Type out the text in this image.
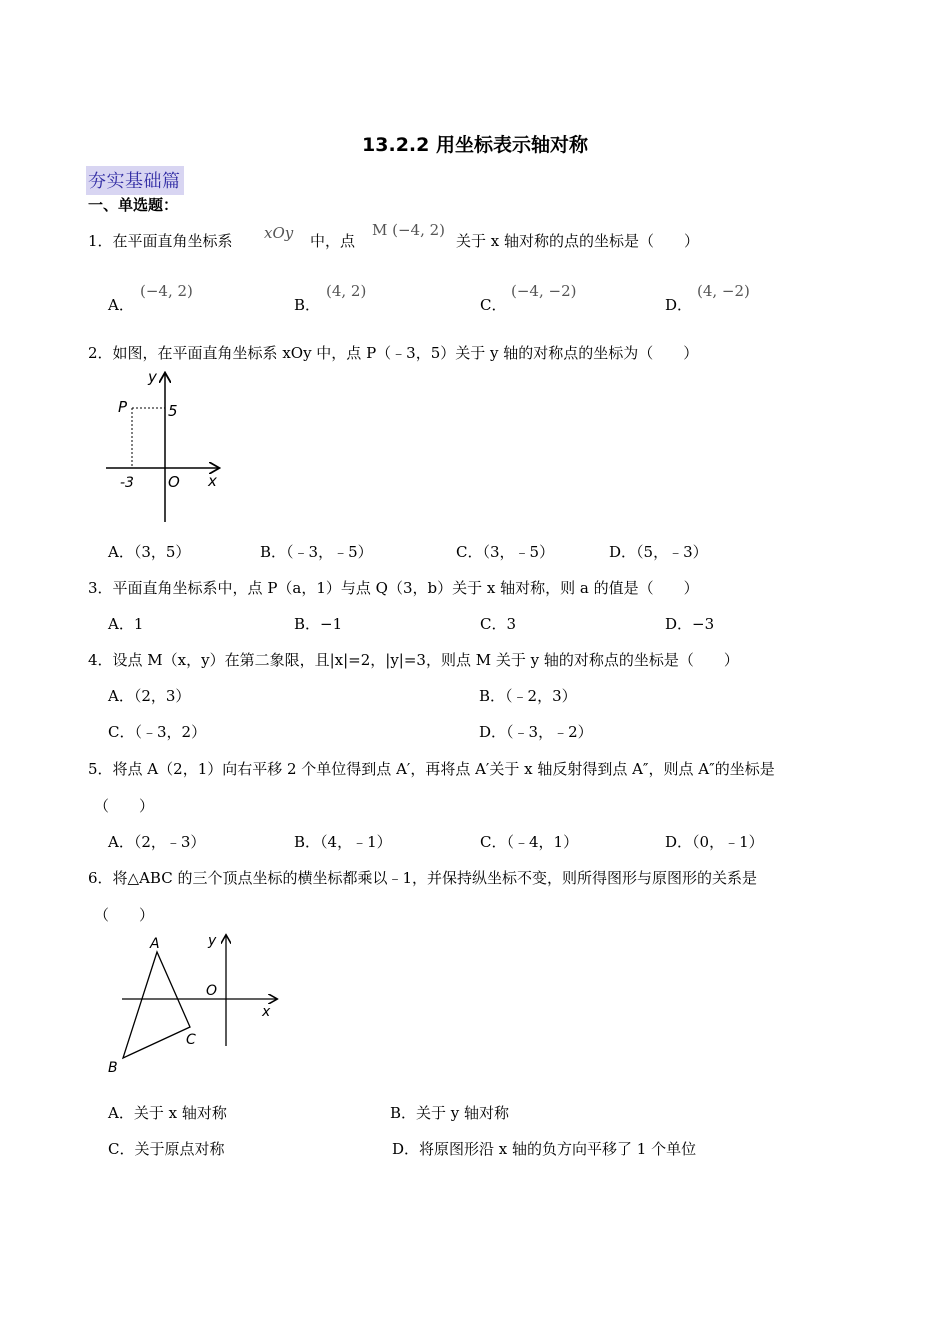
13.2.2 用坐标表示轴对称
夯实基础篇
一、单选题：
1．在平面直角坐标系 xOy 中，点
M (−4, 2)
关于 x 轴对称的点的坐标是（　　）
A．
(−4, 2)
B．
(4, 2)
C．
(−4, −2)
D．
(4, −2)
2．如图，在平面直角坐标系 xOy 中，点 P（﹣3，5）关于 y 轴的对称点的坐标为（　　）
y
x
O
P	5
-3
A．（3，5）	B．（﹣3，﹣5）	C．（3，﹣5）	D．（5，﹣3）
3．平面直角坐标系中，点 P（a，1）与点 Q（3，b）关于 x 轴对称，则 a 的值是（　　）
A．1	B．−1	C．3	D．−3
4．设点 M（x，y）在第二象限，且|x|=2，|y|=3，则点 M 关于 y 轴的对称点的坐标是（　　）
A．（2，3）	B．（﹣2，3）
C．（﹣3，2）	D．（﹣3，﹣2）
5．将点 A（2，1）向右平移 2 个单位得到点 A′，再将点 A′关于 x 轴反射得到点 A″，则点 A″的坐标是
（　　）
A．（2，﹣3）	B．（4，﹣1）	C．（﹣4，1）	D．（0，﹣1）
6．将△ABC 的三个顶点坐标的横坐标都乘以﹣1，并保持纵坐标不变，则所得图形与原图形的关系是
（　　）
A
B
C
O
x
y
A．关于 x 轴对称	B．关于 y 轴对称
C．关于原点对称	D．将原图形沿 x 轴的负方向平移了 1 个单位
